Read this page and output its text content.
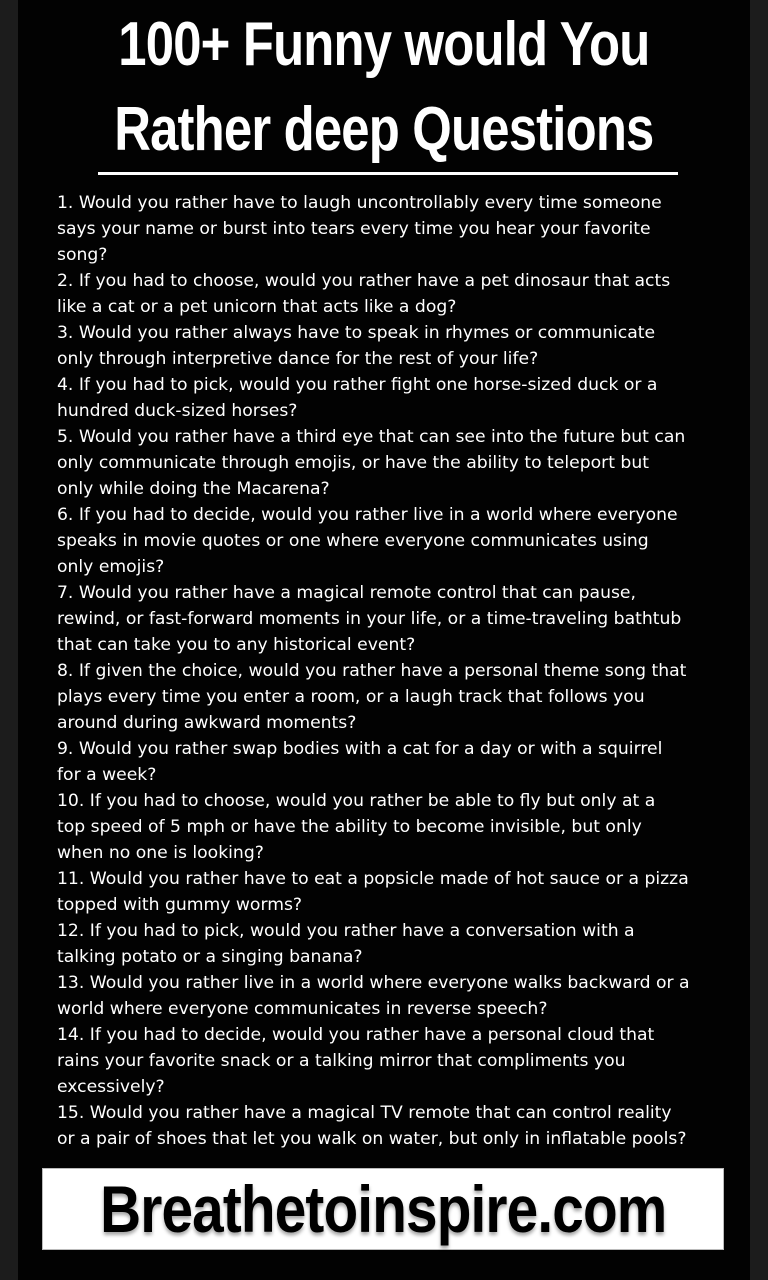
100+ Funny would You
Rather deep Questions
1. Would you rather have to laugh uncontrollably every time someone
says your name or burst into tears every time you hear your favorite
song?
2. If you had to choose, would you rather have a pet dinosaur that acts
like a cat or a pet unicorn that acts like a dog?
3. Would you rather always have to speak in rhymes or communicate
only through interpretive dance for the rest of your life?
4. If you had to pick, would you rather fight one horse-sized duck or a
hundred duck-sized horses?
5. Would you rather have a third eye that can see into the future but can
only communicate through emojis, or have the ability to teleport but
only while doing the Macarena?
6. If you had to decide, would you rather live in a world where everyone
speaks in movie quotes or one where everyone communicates using
only emojis?
7. Would you rather have a magical remote control that can pause,
rewind, or fast-forward moments in your life, or a time-traveling bathtub
that can take you to any historical event?
8. If given the choice, would you rather have a personal theme song that
plays every time you enter a room, or a laugh track that follows you
around during awkward moments?
9. Would you rather swap bodies with a cat for a day or with a squirrel
for a week?
10. If you had to choose, would you rather be able to fly but only at a
top speed of 5 mph or have the ability to become invisible, but only
when no one is looking?
11. Would you rather have to eat a popsicle made of hot sauce or a pizza
topped with gummy worms?
12. If you had to pick, would you rather have a conversation with a
talking potato or a singing banana?
13. Would you rather live in a world where everyone walks backward or a
world where everyone communicates in reverse speech?
14. If you had to decide, would you rather have a personal cloud that
rains your favorite snack or a talking mirror that compliments you
excessively?
15. Would you rather have a magical TV remote that can control reality
or a pair of shoes that let you walk on water, but only in inflatable pools?
Breathetoinspire.com
